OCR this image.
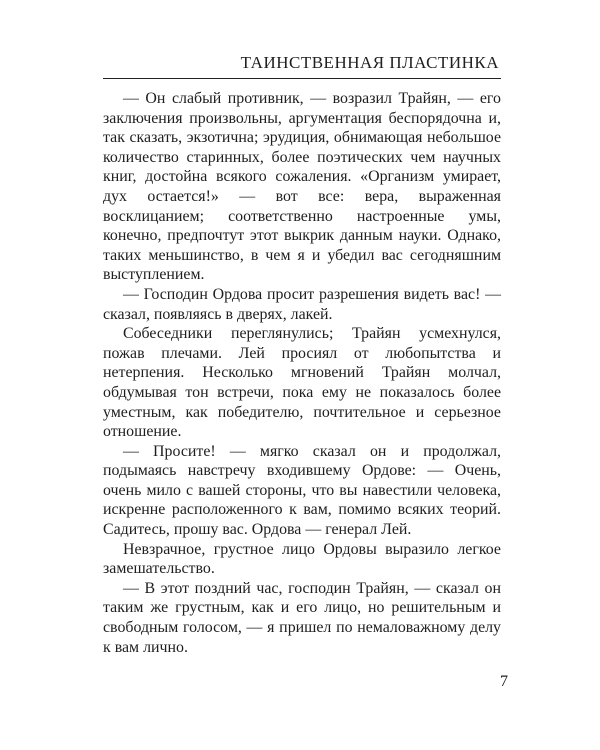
ТАИНСТВЕННАЯ ПЛАСТИНКА

— Он слабый противник, — возразил Трайян, — его заключения произвольны, аргументация беспорядочна и, так сказать, экзотична; эрудиция, обнимающая небольшое количество старинных, более поэтических чем научных книг, достойна всякого сожаления. «Организм умирает, дух остается!» — вот все: вера, выраженная восклицанием; соответственно настроенные умы, конечно, предпочтут этот выкрик данным науки. Однако, таких меньшинство, в чем я и убедил вас сегодняшним выступлением.

— Господин Ордова просит разрешения видеть вас! — сказал, появляясь в дверях, лакей.

Собеседники переглянулись; Трайян усмехнулся, пожав плечами. Лей просиял от любопытства и нетерпения. Несколько мгновений Трайян молчал, обдумывая тон встречи, пока ему не показалось более уместным, как победителю, почтительное и серьезное отношение.

— Просите! — мягко сказал он и продолжал, подымаясь навстречу входившему Ордове: — Очень, очень мило с вашей стороны, что вы навестили человека, искренне расположенного к вам, помимо всяких теорий. Садитесь, прошу вас. Ордова — генерал Лей.

Невзрачное, грустное лицо Ордовы выразило легкое замешательство.

— В этот поздний час, господин Трайян, — сказал он таким же грустным, как и его лицо, но решительным и свободным голосом, — я пришел по немаловажному делу к вам лично.

7
